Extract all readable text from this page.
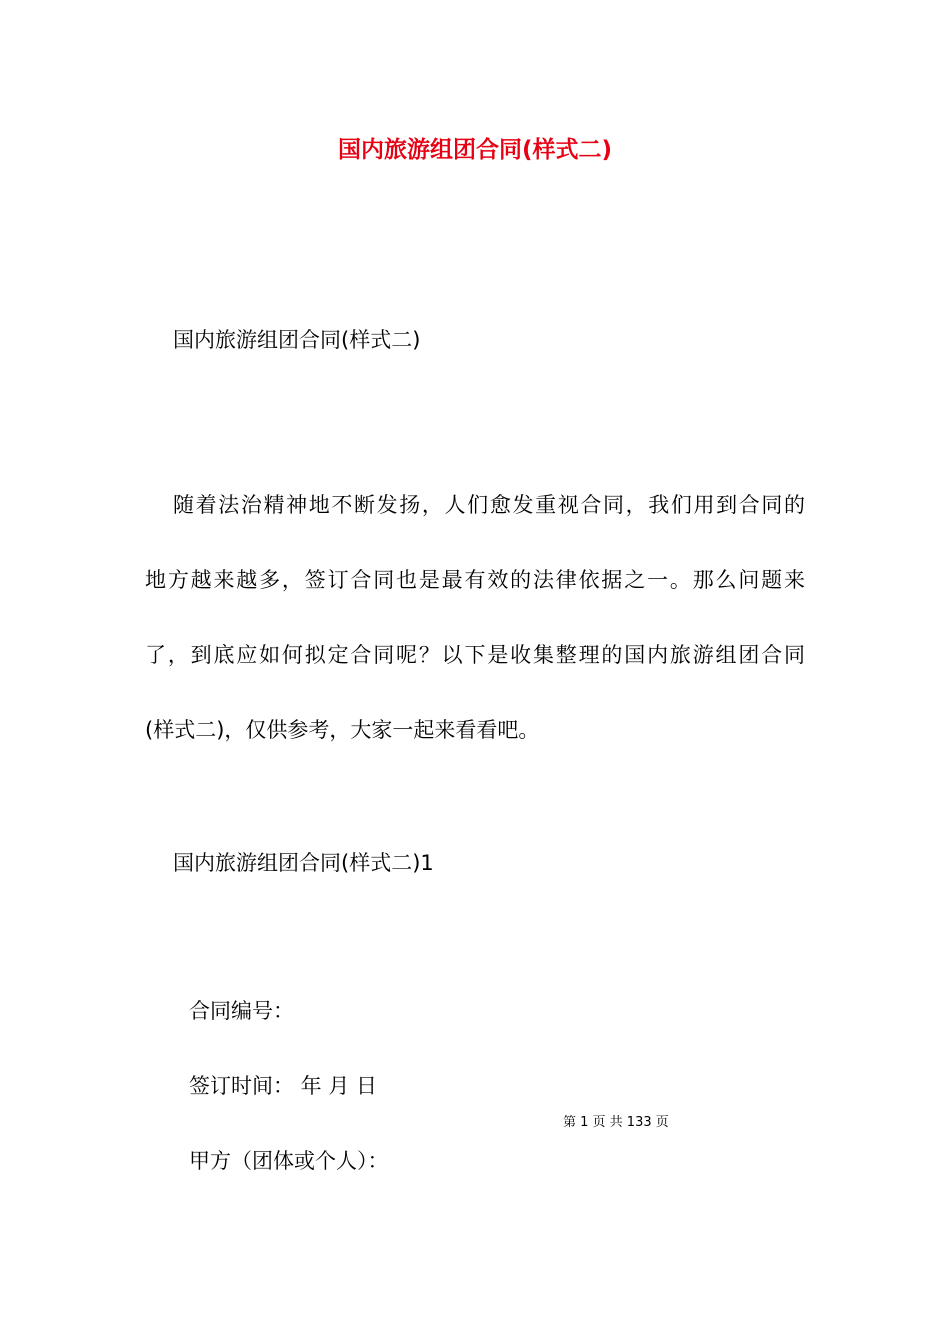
国内旅游组团合同(样式二)

国内旅游组团合同(样式二)

随着法治精神地不断发扬，人们愈发重视合同，我们用到合同的
地方越来越多，签订合同也是最有效的法律依据之一。那么问题来
了，到底应如何拟定合同呢？以下是收集整理的国内旅游组团合同
(样式二)，仅供参考，大家一起来看看吧。

国内旅游组团合同(样式二)1

合同编号：

第 1 页 共 133 页

签订时间： 年 月 日

甲方（团体或个人）：
